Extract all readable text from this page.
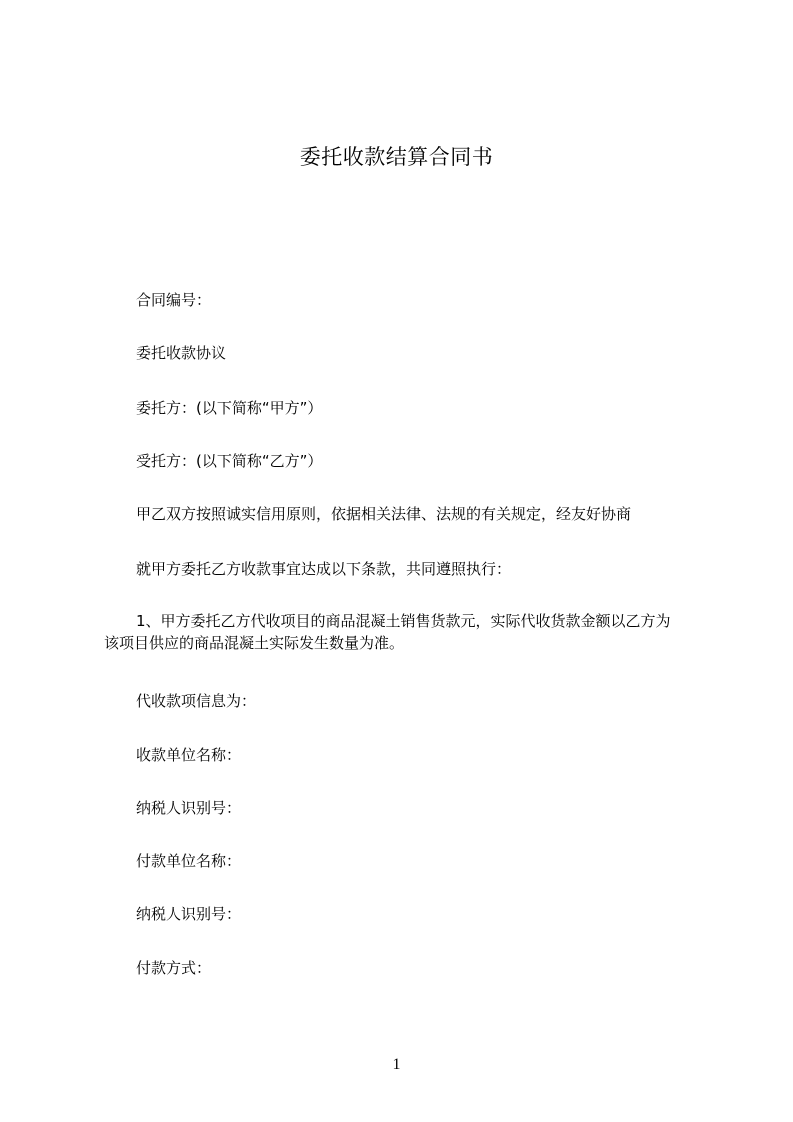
委托收款结算合同书

合同编号：

委托收款协议

委托方：(以下简称“甲方”）

受托方：(以下简称“乙方”）

甲乙双方按照诚实信用原则，依据相关法律、法规的有关规定，经友好协商

就甲方委托乙方收款事宜达成以下条款，共同遵照执行：

1、甲方委托乙方代收项目的商品混凝土销售货款元，实际代收货款金额以乙方为
该项目供应的商品混凝土实际发生数量为准。

代收款项信息为：

收款单位名称：

纳税人识别号：

付款单位名称：

纳税人识别号：

付款方式：

1
